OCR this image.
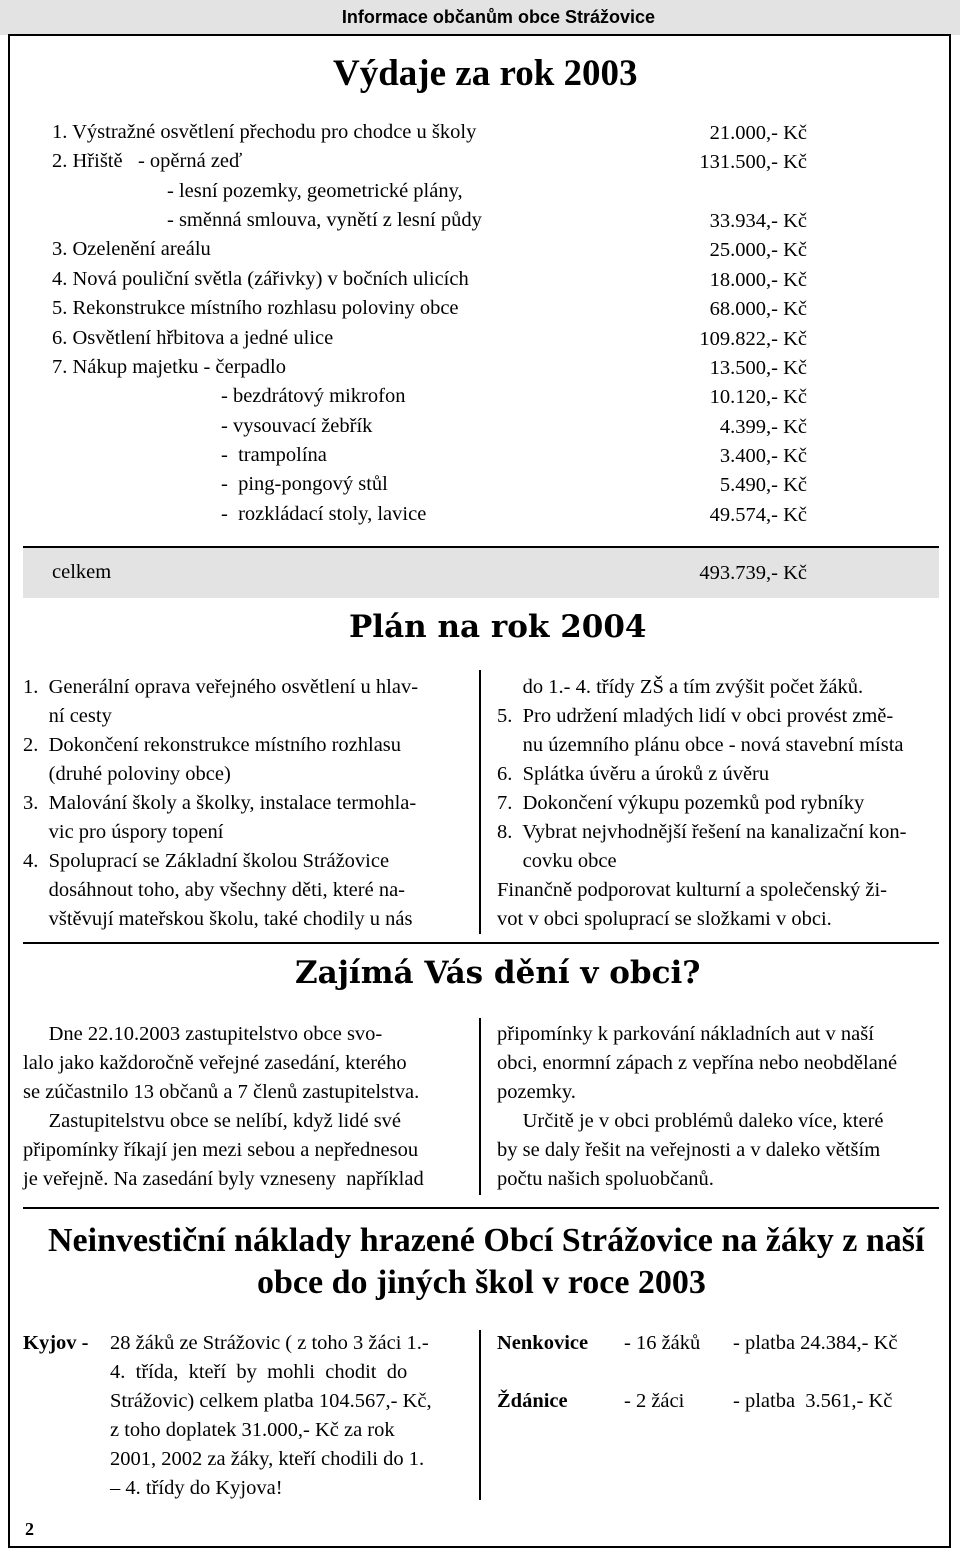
Informace občanům obce Strážovice
Výdaje za rok 2003
1. Výstražné osvětlení přechodu pro chodce u školy
2. Hřiště   - opěrná zeď
- lesní pozemky, geometrické plány,
- směnná smlouva, vynětí z lesní půdy
3. Ozelenění areálu
4. Nová pouliční světla (zářivky) v bočních ulicích
5. Rekonstrukce místního rozhlasu poloviny obce
6. Osvětlení hřbitova a jedné ulice
7. Nákup majetku - čerpadlo
- bezdrátový mikrofon
- vysouvací žebřík
-  trampolína
-  ping-pongový stůl
-  rozkládací stoly, lavice
21.000,- Kč
131.500,- Kč
33.934,- Kč
25.000,- Kč
18.000,- Kč
68.000,- Kč
109.822,- Kč
13.500,- Kč
10.120,- Kč
4.399,- Kč
3.400,- Kč
5.490,- Kč
49.574,- Kč
celkem	493.739,- Kč
Plán na rok 2004
1.  Generální oprava veřejného osvětlení u hlav-
ní cesty
2.  Dokončení rekonstrukce místního rozhlasu
(druhé poloviny obce)
3.  Malování školy a školky, instalace termohla-
vic pro úspory topení
4.  Spoluprací se Základní školou Strážovice
dosáhnout toho, aby všechny děti, které na-
vštěvují mateřskou školu, také chodily u nás
do 1.- 4. třídy ZŠ a tím zvýšit počet žáků.
5.  Pro udržení mladých lidí v obci provést změ-
nu územního plánu obce - nová stavební místa
6.  Splátka úvěru a úroků z úvěru
7.  Dokončení výkupu pozemků pod rybníky
8.  Vybrat nejvhodnější řešení na kanalizační kon-
covku obce
Finančně podporovat kulturní a společenský ži-
vot v obci spoluprací se složkami v obci.
Zajímá Vás dění v obci?
Dne 22.10.2003 zastupitelstvo obce svo-
lalo jako každoročně veřejné zasedání, kterého
se zúčastnilo 13 občanů a 7 členů zastupitelstva.
Zastupitelstvu obce se nelíbí, když lidé své
připomínky říkají jen mezi sebou a nepřednesou
je veřejně. Na zasedání byly vzneseny  například
připomínky k parkování nákladních aut v naší
obci, enormní zápach z vepřína nebo neobdělané
pozemky.
Určitě je v obci problémů daleko více, které
by se daly řešit na veřejnosti a v daleko větším
počtu našich spoluobčanů.
Neinvestiční náklady hrazené Obcí Strážovice na žáky z naší
obce do jiných škol v roce 2003
Kyjov - 28 žáků ze Strážovic ( z toho 3 žáci 1.-
4.  třída,  kteří  by  mohli  chodit  do
Strážovic) celkem platba 104.567,- Kč,
z toho doplatek 31.000,- Kč za rok
2001, 2002 za žáky, kteří chodili do 1.
– 4. třídy do Kyjova!
Nenkovice - 16 žáků - platba 24.384,- Kč
Ždánice	- 2 žáci - platba  3.561,- Kč
2
